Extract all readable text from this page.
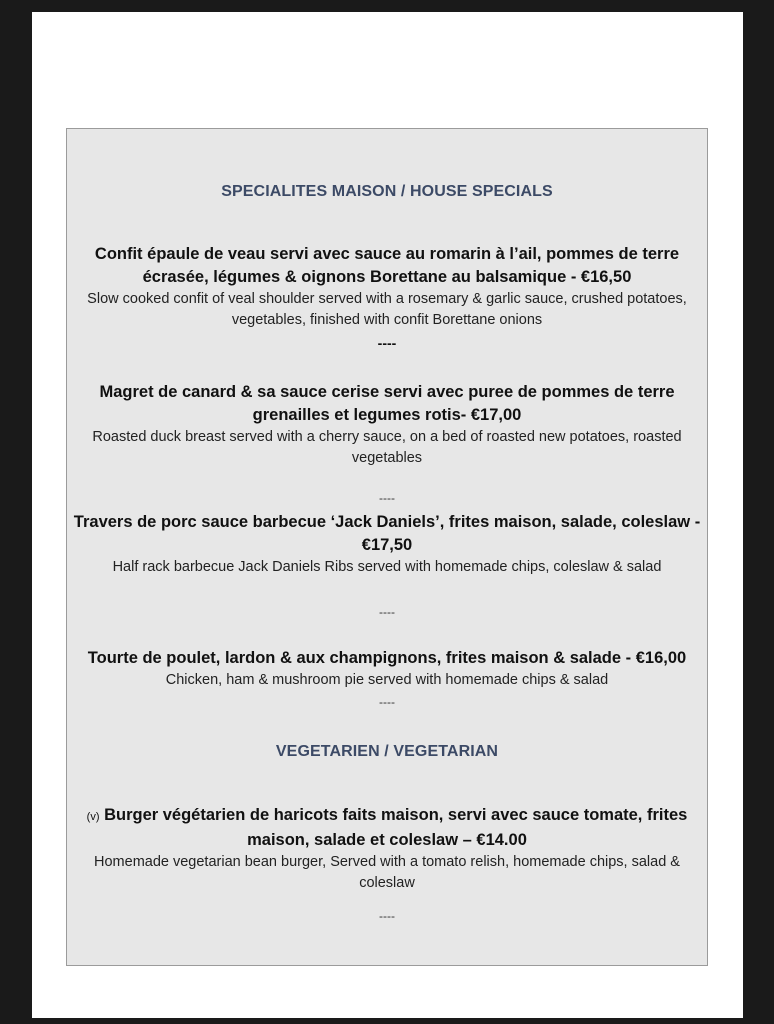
SPECIALITES MAISON / HOUSE SPECIALS
Confit épaule de veau servi avec sauce au romarin à l’ail, pommes de terre écrasée, légumes & oignons Borettane au balsamique - €16,50
Slow cooked confit of veal shoulder served with a rosemary & garlic sauce, crushed potatoes, vegetables, finished with confit Borettane onions
----
Magret de canard & sa sauce cerise servi avec puree de pommes de terre grenailles et legumes rotis- €17,00
Roasted duck breast served with a cherry sauce, on a bed of roasted new potatoes, roasted vegetables
----
Travers de porc sauce barbecue ‘Jack Daniels’, frites maison, salade, coleslaw - €17,50
Half rack barbecue Jack Daniels Ribs served with homemade chips, coleslaw & salad
----
Tourte de poulet, lardon & aux champignons, frites maison & salade - €16,00
Chicken, ham & mushroom pie served with homemade chips & salad
----
VEGETARIEN / VEGETARIAN
(v) Burger végétarien de haricots faits maison, servi avec sauce tomate, frites maison, salade et coleslaw – €14.00
Homemade vegetarian bean burger, Served with a tomato relish, homemade chips, salad & coleslaw
----
